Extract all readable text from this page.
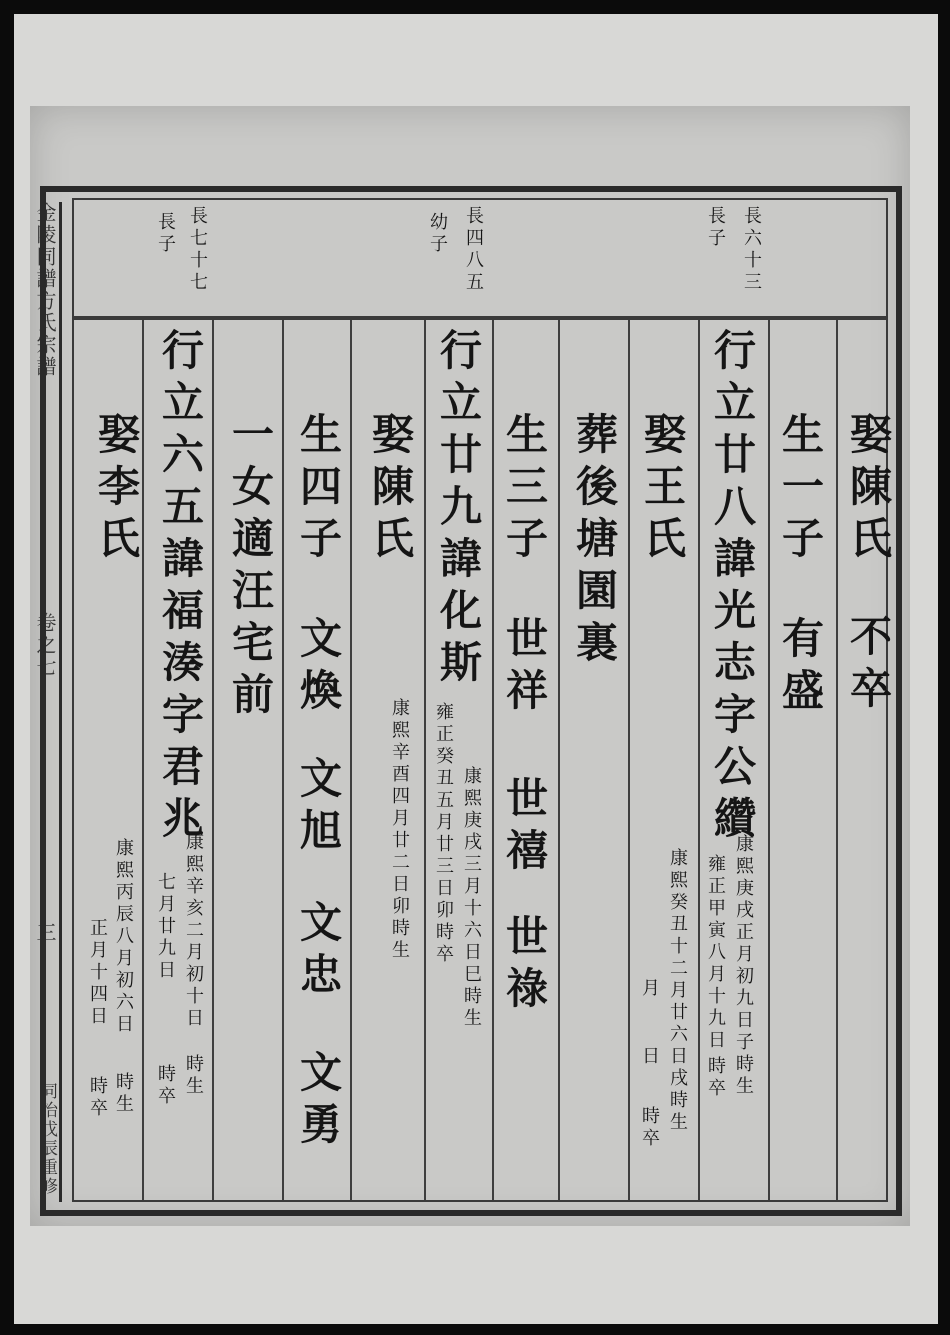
金陵同譜方氏宗譜
卷之七
三
同治戊辰重修
長六十三
長子
長四八五
幼子
長七十七
長子
娶陳氏
不卒
生一子
有盛
行立廿八諱光志字公纘
康熙庚戌正月初九日子時生
雍正甲寅八月十九日
時卒
娶王氏
康熙癸丑十二月廿六日戌時生
月
日
時卒
葬後塘園裏
生三子
世祥
世禧
世祿
行立廿九諱化斯
康熙庚戌三月十六日巳時生
雍正癸丑五月廿三日卯時卒
娶陳氏
康熙辛酉四月廿二日卯時生
生四子
文煥
文旭
文忠
文勇
一女適汪宅前
行立六五諱福湊字君兆
康熙辛亥二月初十日
時生
七月廿九日
時卒
康熙丙辰八月初六日
時生
正月十四日
時卒
娶李氏
